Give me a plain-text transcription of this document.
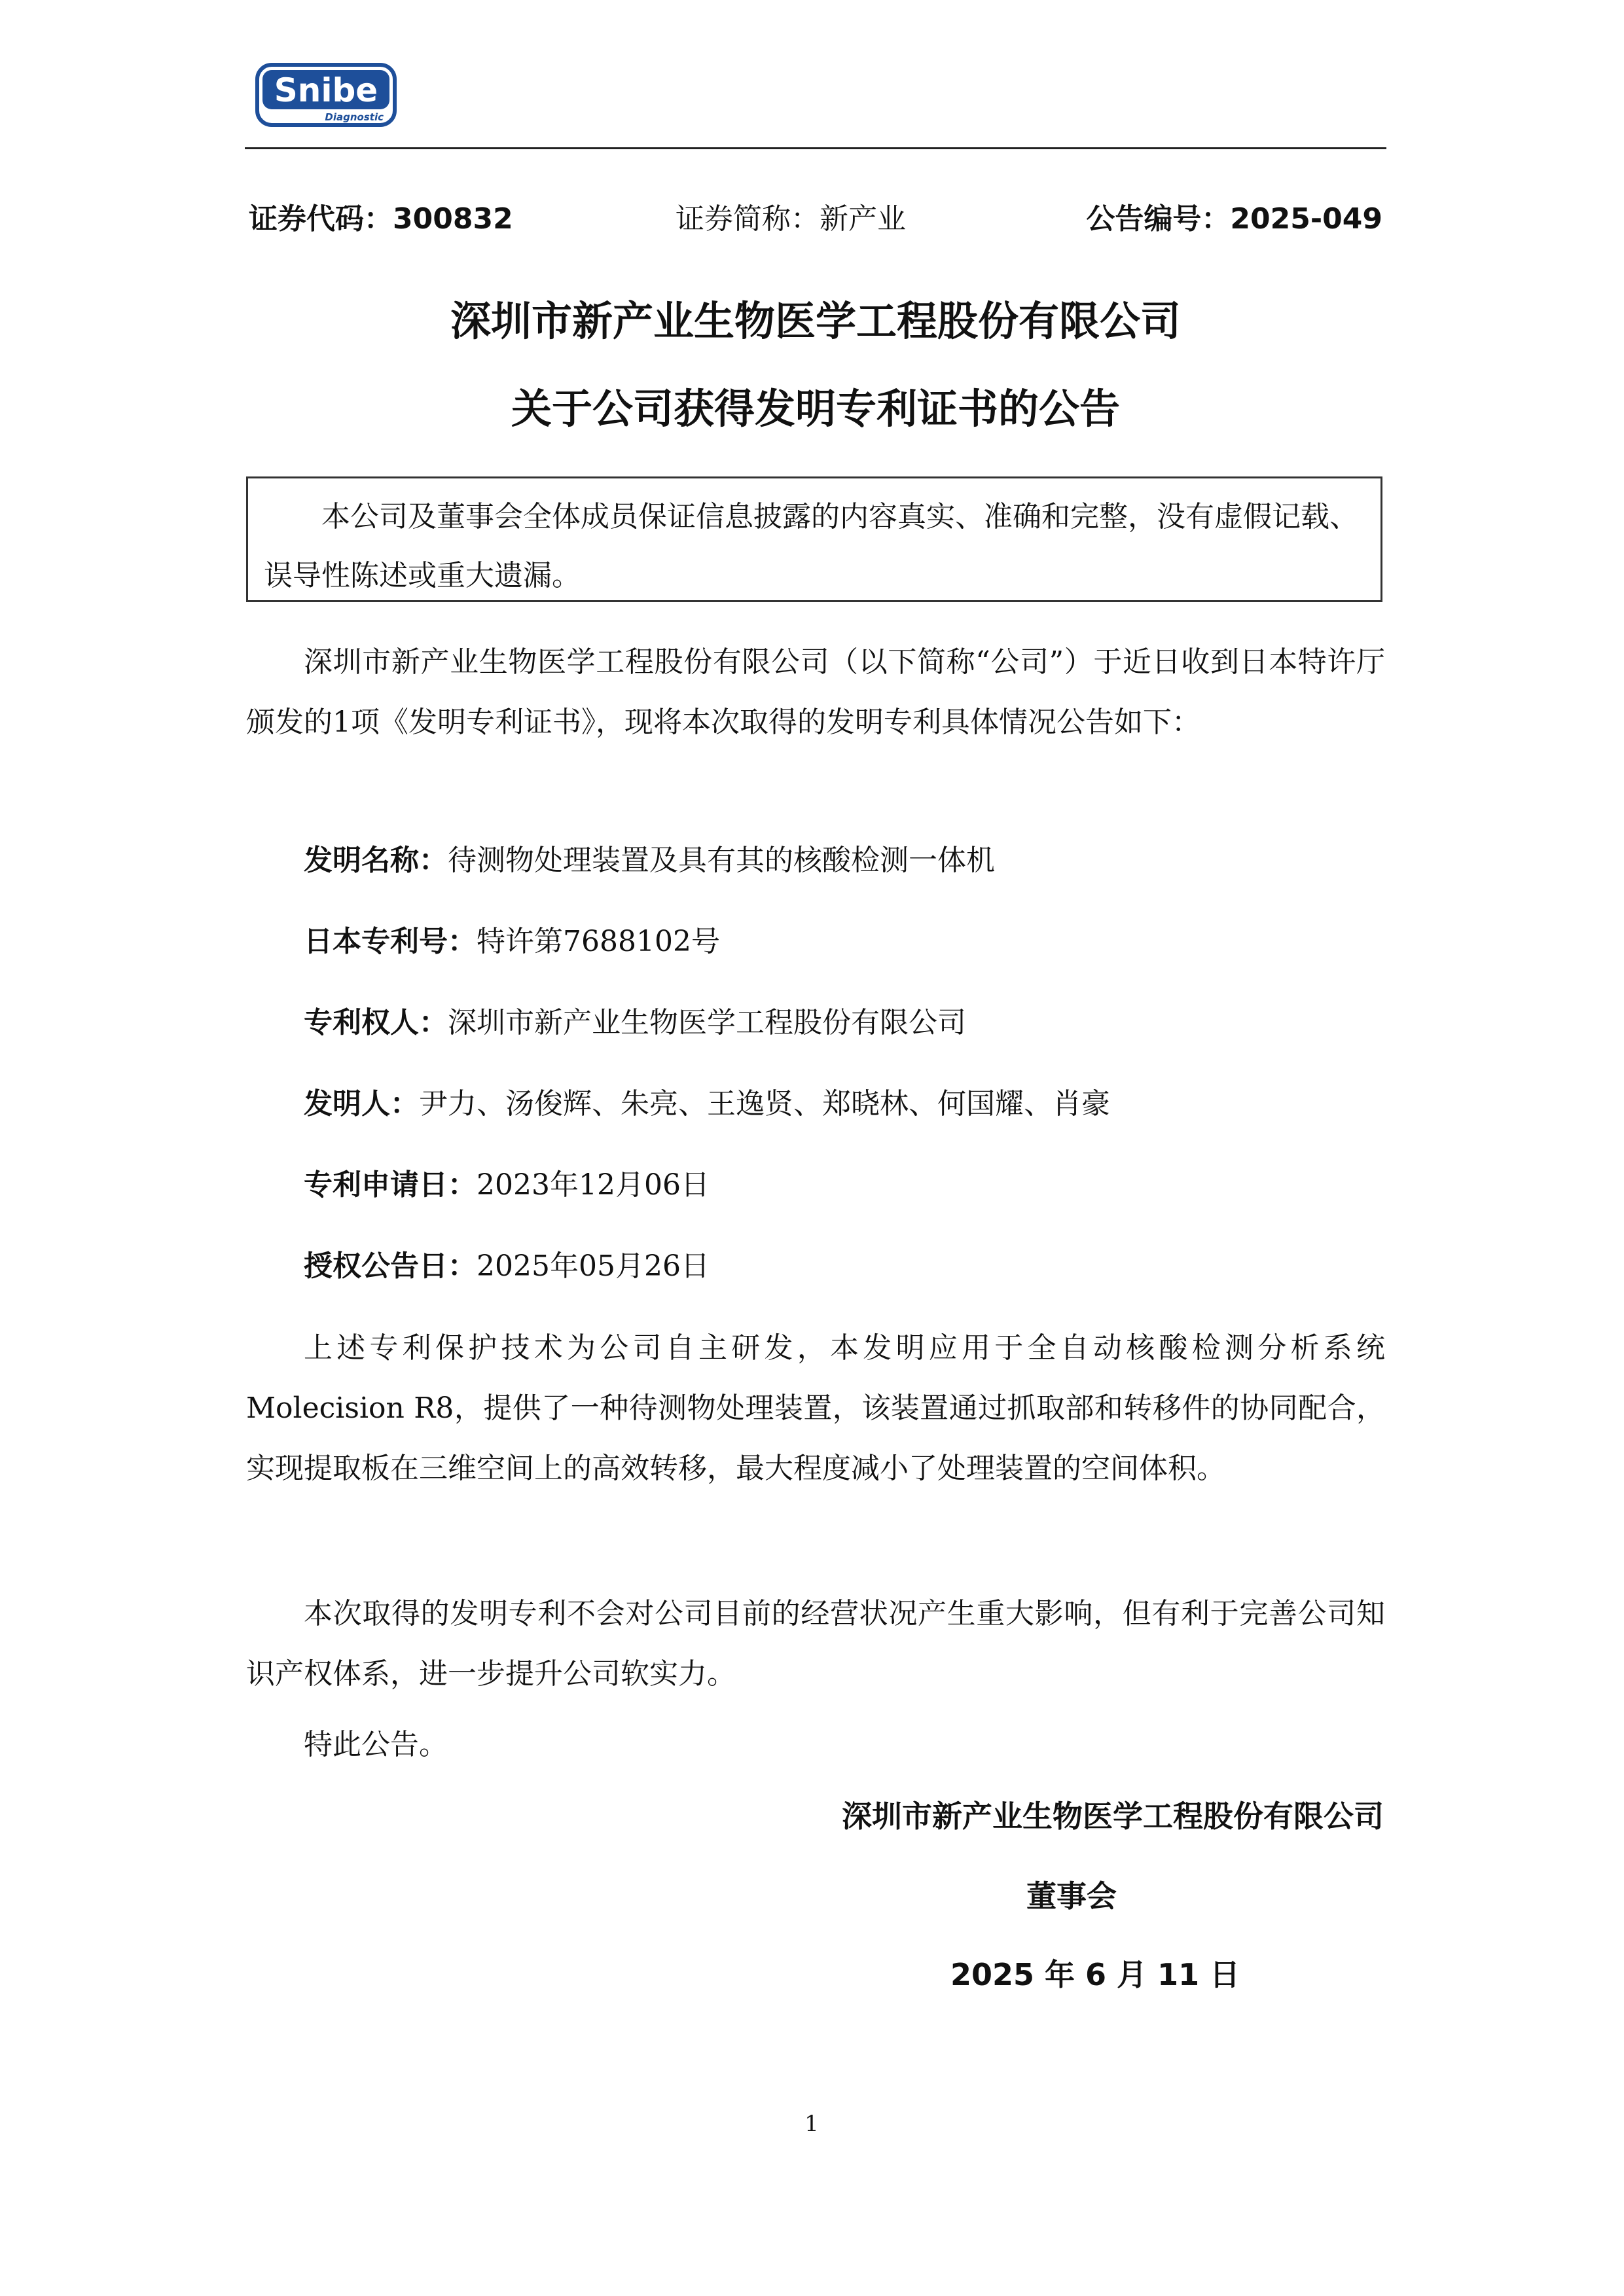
Snibe
Diagnostic
证券代码：300832	证券简称：新产业	公告编号：2025-049
深圳市新产业生物医学工程股份有限公司
关于公司获得发明专利证书的公告
本公司及董事会全体成员保证信息披露的内容真实、准确和完整，没有虚假记载、误导性陈述或重大遗漏。
深圳市新产业生物医学工程股份有限公司（以下简称“公司”）于近日收到日本特许厅颁发的1项《发明专利证书》，现将本次取得的发明专利具体情况公告如下：
发明名称：待测物处理装置及具有其的核酸检测一体机
日本专利号：特许第7688102号
专利权人：深圳市新产业生物医学工程股份有限公司
发明人：尹力、汤俊辉、朱亮、王逸贤、郑晓林、何国耀、肖豪
专利申请日：2023年12月06日
授权公告日：2025年05月26日
上述专利保护技术为公司自主研发，本发明应用于全自动核酸检测分析系统Molecision R8，提供了一种待测物处理装置，该装置通过抓取部和转移件的协同配合，实现提取板在三维空间上的高效转移，最大程度减小了处理装置的空间体积。
本次取得的发明专利不会对公司目前的经营状况产生重大影响，但有利于完善公司知识产权体系，进一步提升公司软实力。
特此公告。
深圳市新产业生物医学工程股份有限公司
董事会
2025 年 6 月 11 日
1
